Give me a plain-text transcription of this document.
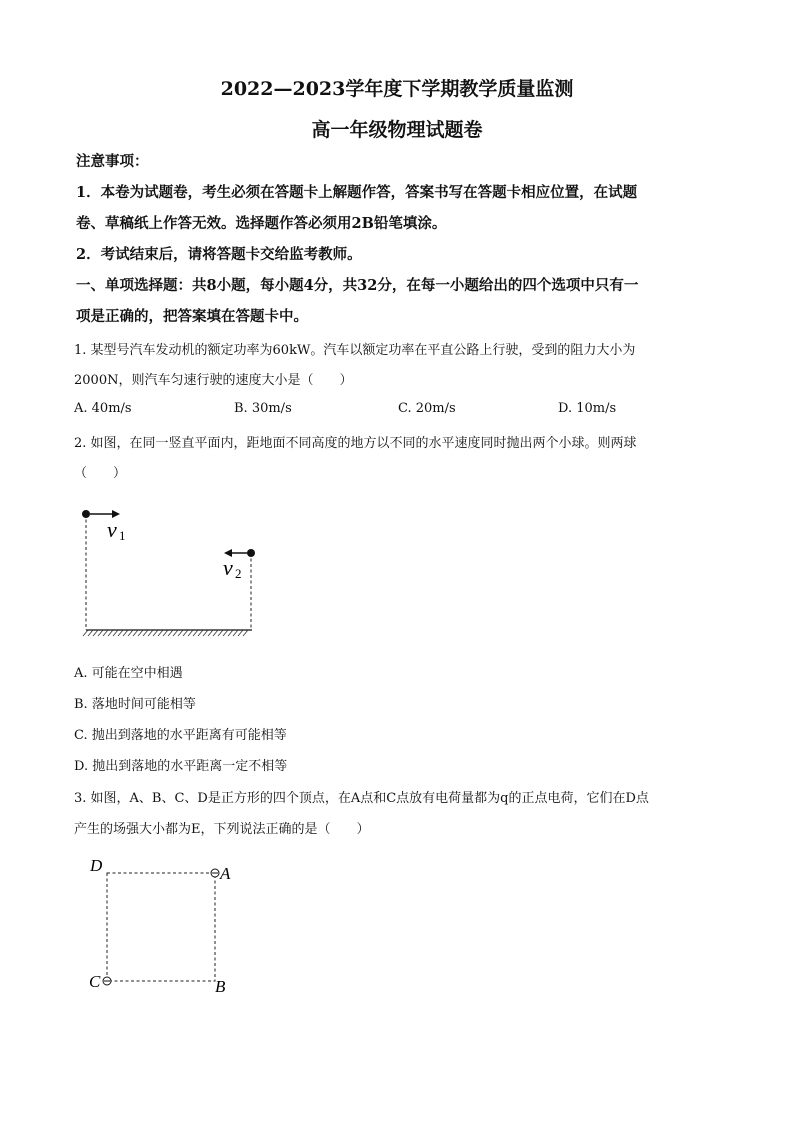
2022—2023学年度下学期教学质量监测
高一年级物理试题卷
注意事项：
1．本卷为试题卷，考生必须在答题卡上解题作答，答案书写在答题卡相应位置，在试题
卷、草稿纸上作答无效。选择题作答必须用2B铅笔填涂。
2．考试结束后，请将答题卡交给监考教师。
一、单项选择题：共8小题，每小题4分，共32分，在每一小题给出的四个选项中只有一
项是正确的，把答案填在答题卡中。
1. 某型号汽车发动机的额定功率为60kW。汽车以额定功率在平直公路上行驶，受到的阻力大小为
2000N，则汽车匀速行驶的速度大小是（　　）
A. 40m/s	B. 30m/s	C. 20m/s	D. 10m/s
2. 如图，在同一竖直平面内，距地面不同高度的地方以不同的水平速度同时抛出两个小球。则两球
（　　）
v 1
v 2
A. 可能在空中相遇
B. 落地时间可能相等
C. 抛出到落地的水平距离有可能相等
D. 抛出到落地的水平距离一定不相等
3. 如图，A、B、C、D是正方形的四个顶点，在A点和C点放有电荷量都为q的正点电荷，它们在D点
产生的场强大小都为E，下列说法正确的是（　　）
D	A
C	B
